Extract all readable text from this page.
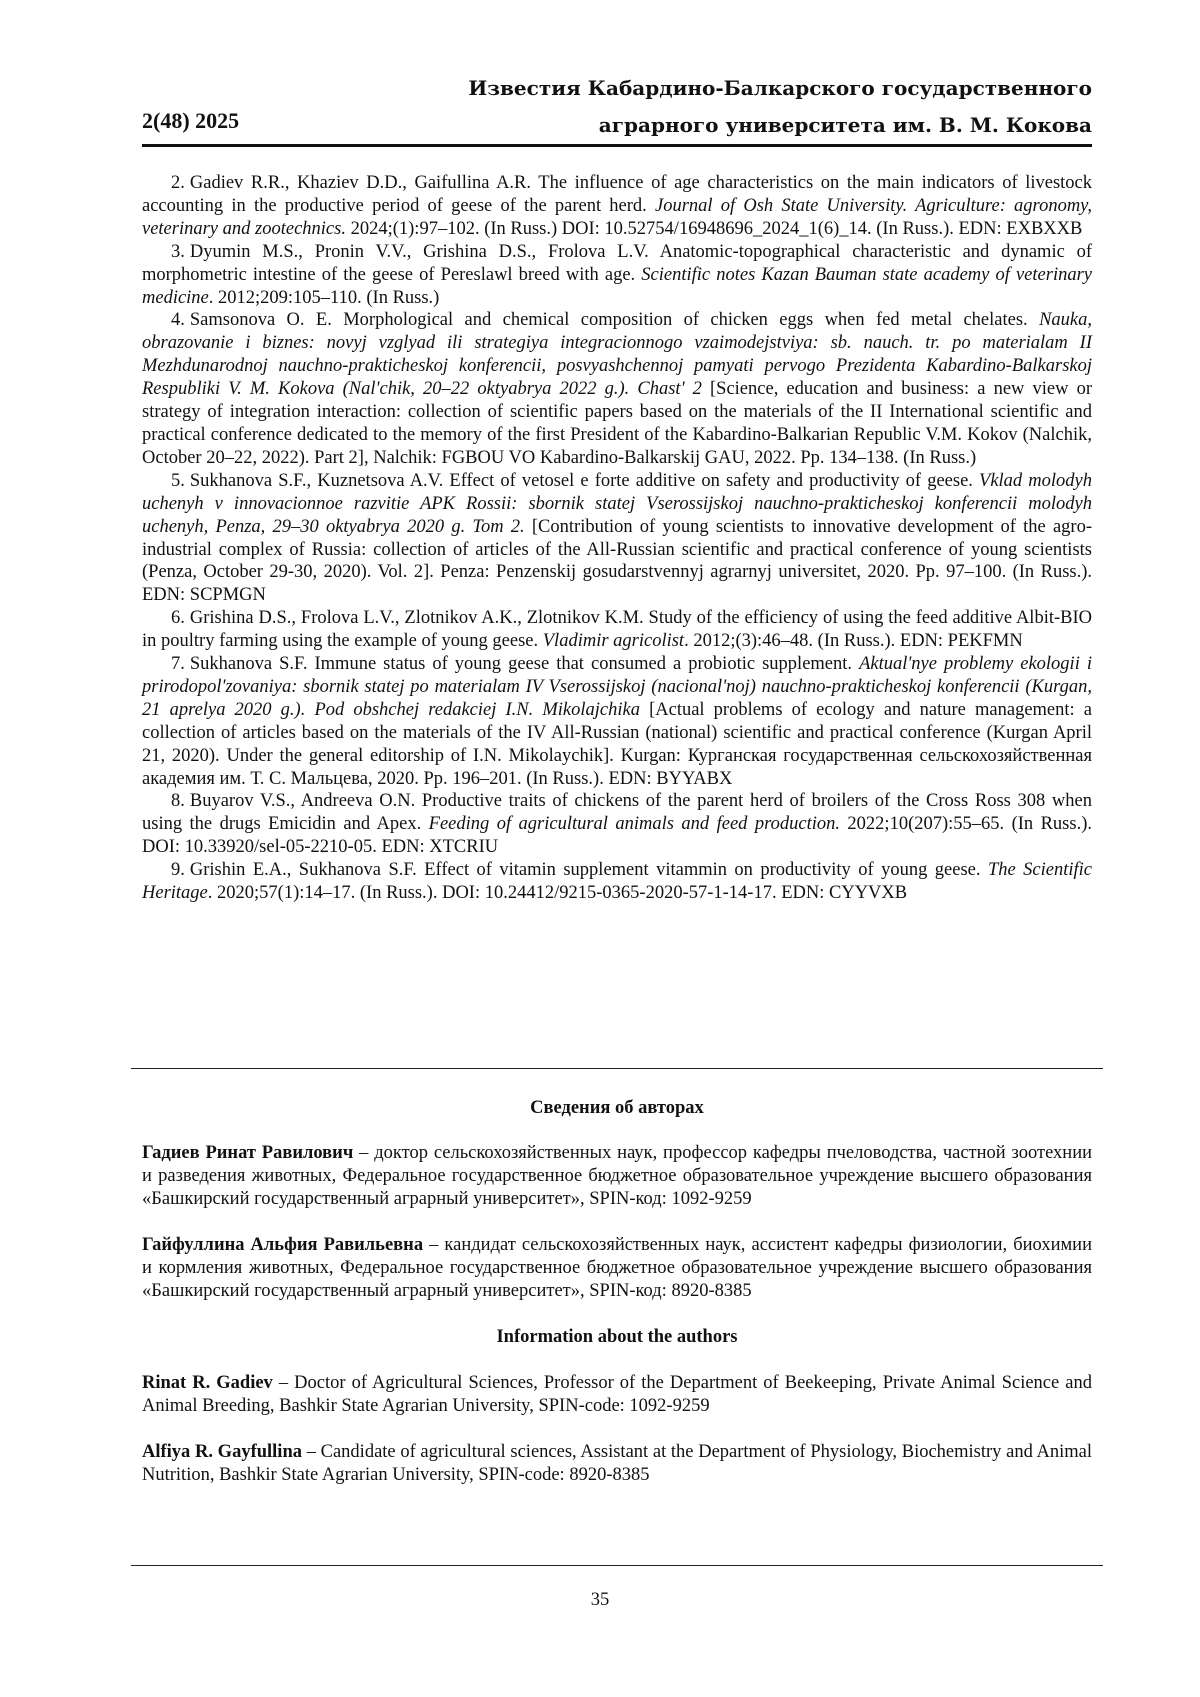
2(48) 2025
Известия Кабардино-Балкарского государственного
аграрного университета им. В. М. Кокова

2. Gadiev R.R., Khaziev D.D., Gaifullina A.R. The influence of age characteristics on the main indicators of livestock accounting in the productive period of geese of the parent herd. Journal of Osh State University. Agriculture: agronomy, veterinary and zootechnics. 2024;(1):97–102. (In Russ.) DOI: 10.52754/16948696_2024_1(6)_14. (In Russ.). EDN: EXBXXB

3. Dyumin M.S., Pronin V.V., Grishina D.S., Frolova L.V. Anatomic-topographical characteristic and dynamic of morphometric intestine of the geese of Pereslawl breed with age. Scientific notes Kazan Bauman state academy of veterinary medicine. 2012;209:105–110. (In Russ.)

4. Samsonova O. E. Morphological and chemical composition of chicken eggs when fed metal chelates. Nauka, obrazovanie i biznes: novyj vzglyad ili strategiya integracionnogo vzaimodejstviya: sb. nauch. tr. po materialam II Mezhdunarodnoj nauchno-prakticheskoj konferencii, posvyashchennoj pamyati pervogo Prezidenta Kabardino-Balkarskoj Respubliki V. M. Kokova (Nal'chik, 20–22 oktyabrya 2022 g.). Chast' 2 [Science, education and business: a new view or strategy of integration interaction: collection of scientific papers based on the materials of the II International scientific and practical conference dedicated to the memory of the first President of the Kabardino-Balkarian Republic V.M. Kokov (Nalchik, October 20–22, 2022). Part 2], Nalchik: FGBOU VO Kabardino-Balkarskij GAU, 2022. Pp. 134–138. (In Russ.)

5. Sukhanova S.F., Kuznetsova A.V. Effect of vetosel e forte additive on safety and productivity of geese. Vklad molodyh uchenyh v innovacionnoe razvitie APK Rossii: sbornik statej Vserossijskoj nauchno-prakticheskoj konferencii molodyh uchenyh, Penza, 29–30 oktyabrya 2020 g. Tom 2. [Contribution of young scientists to innovative development of the agro-industrial complex of Russia: collection of articles of the All-Russian scientific and practical conference of young scientists (Penza, October 29-30, 2020). Vol. 2]. Penza: Penzenskij gosudarstvennyj agrarnyj universitet, 2020. Pp. 97–100. (In Russ.). EDN: SCPMGN

6. Grishina D.S., Frolova L.V., Zlotnikov A.K., Zlotnikov K.M. Study of the efficiency of using the feed additive Albit-BIO in poultry farming using the example of young geese. Vladimir agricolist. 2012;(3):46–48. (In Russ.). EDN: PEKFMN

7. Sukhanova S.F. Immune status of young geese that consumed a probiotic supplement. Aktual'nye problemy ekologii i prirodopol'zovaniya: sbornik statej po materialam IV Vserossijskoj (nacional'noj) nauchno-prakticheskoj konferencii (Kurgan, 21 aprelya 2020 g.). Pod obshchej redakciej I.N. Mikolajchika [Actual problems of ecology and nature management: a collection of articles based on the materials of the IV All-Russian (national) scientific and practical conference (Kurgan April 21, 2020). Under the general editorship of I.N. Mikolaychik]. Kurgan: Курганская государственная сельскохозяйственная академия им. Т. С. Мальцева, 2020. Pp. 196–201. (In Russ.). EDN: BYYABX

8. Buyarov V.S., Andreeva O.N. Productive traits of chickens of the parent herd of broilers of the Cross Ross 308 when using the drugs Emicidin and Apex. Feeding of agricultural animals and feed production. 2022;10(207):55–65. (In Russ.). DOI: 10.33920/sel-05-2210-05. EDN: XTCRIU

9. Grishin E.A., Sukhanova S.F. Effect of vitamin supplement vitammin on productivity of young geese. The Scientific Heritage. 2020;57(1):14–17. (In Russ.). DOI: 10.24412/9215-0365-2020-57-1-14-17. EDN: CYYVXB

Сведения об авторах

Гадиев Ринат Равилович – доктор сельскохозяйственных наук, профессор кафедры пчеловодства, частной зоотехнии и разведения животных, Федеральное государственное бюджетное образовательное учреждение высшего образования «Башкирский государственный аграрный университет», SPIN-код: 1092-9259

Гайфуллина Альфия Равильевна – кандидат сельскохозяйственных наук, ассистент кафедры физиологии, биохимии и кормления животных, Федеральное государственное бюджетное образовательное учреждение высшего образования «Башкирский государственный аграрный университет», SPIN-код: 8920-8385

Information about the authors

Rinat R. Gadiev – Doctor of Agricultural Sciences, Professor of the Department of Beekeeping, Private Animal Science and Animal Breeding, Bashkir State Agrarian University, SPIN-code: 1092-9259

Alfiya R. Gayfullina – Candidate of agricultural sciences, Assistant at the Department of Physiology, Biochemistry and Animal Nutrition, Bashkir State Agrarian University, SPIN-code: 8920-8385

35
